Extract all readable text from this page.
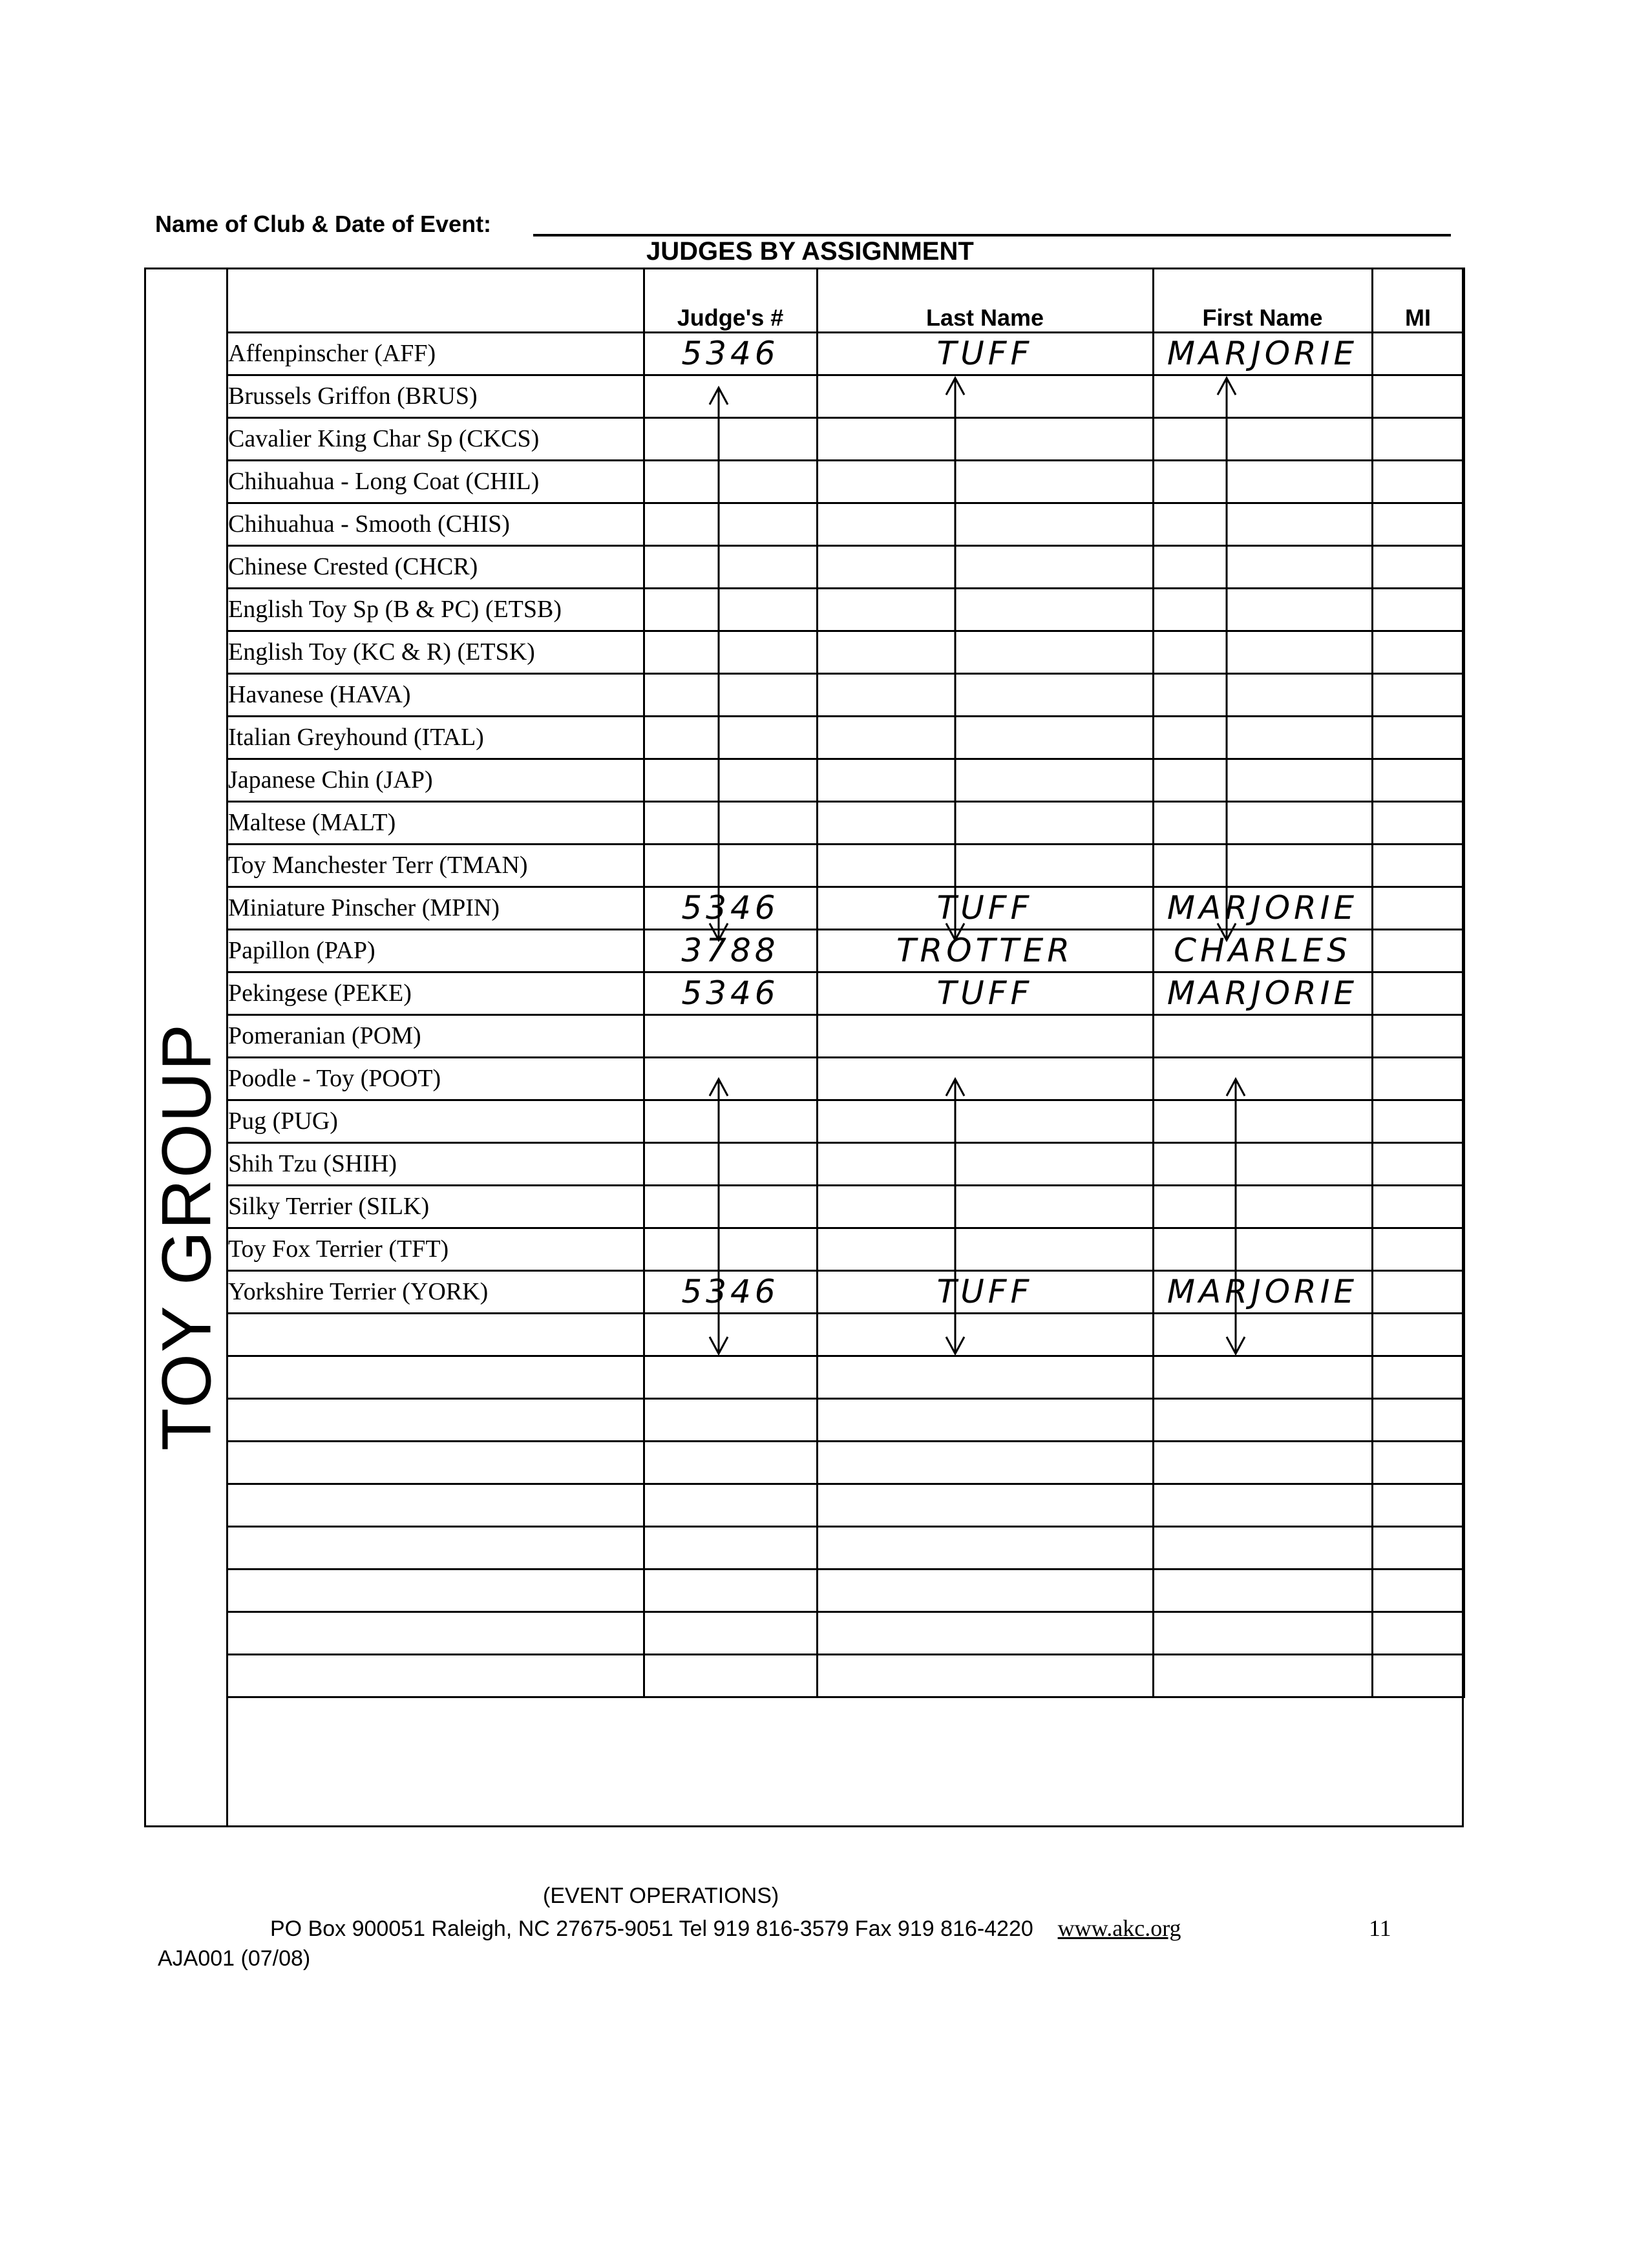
Name of Club & Date of Event:
JUDGES BY ASSIGNMENT
TOY GROUP
	Judge's #	Last Name	First Name	MI	
Affenpinscher (AFF)	5346	TUFF	MARJORIE		
Brussels Griffon (BRUS)					
Cavalier King Char Sp (CKCS)					
Chihuahua - Long Coat (CHIL)					
Chihuahua - Smooth (CHIS)					
Chinese Crested (CHCR)					
English Toy Sp (B & PC) (ETSB)					
English Toy (KC & R) (ETSK)					
Havanese (HAVA)					
Italian Greyhound (ITAL)					
Japanese Chin (JAP)					
Maltese (MALT)					
Toy Manchester Terr (TMAN)					
Miniature Pinscher (MPIN)	5346	TUFF	MARJORIE		
Papillon (PAP)	3788	TROTTER	CHARLES		
Pekingese (PEKE)	5346	TUFF	MARJORIE		
Pomeranian (POM)					
Poodle - Toy (POOT)					
Pug (PUG)					
Shih Tzu (SHIH)					
Silky Terrier (SILK)					
Toy Fox Terrier (TFT)					
Yorkshire Terrier (YORK)	5346	TUFF	MARJORIE		

(EVENT OPERATIONS)
PO Box 900051 Raleigh, NC 27675-9051 Tel 919 816-3579 Fax 919 816-4220 www.akc.org	11
AJA001 (07/08)
